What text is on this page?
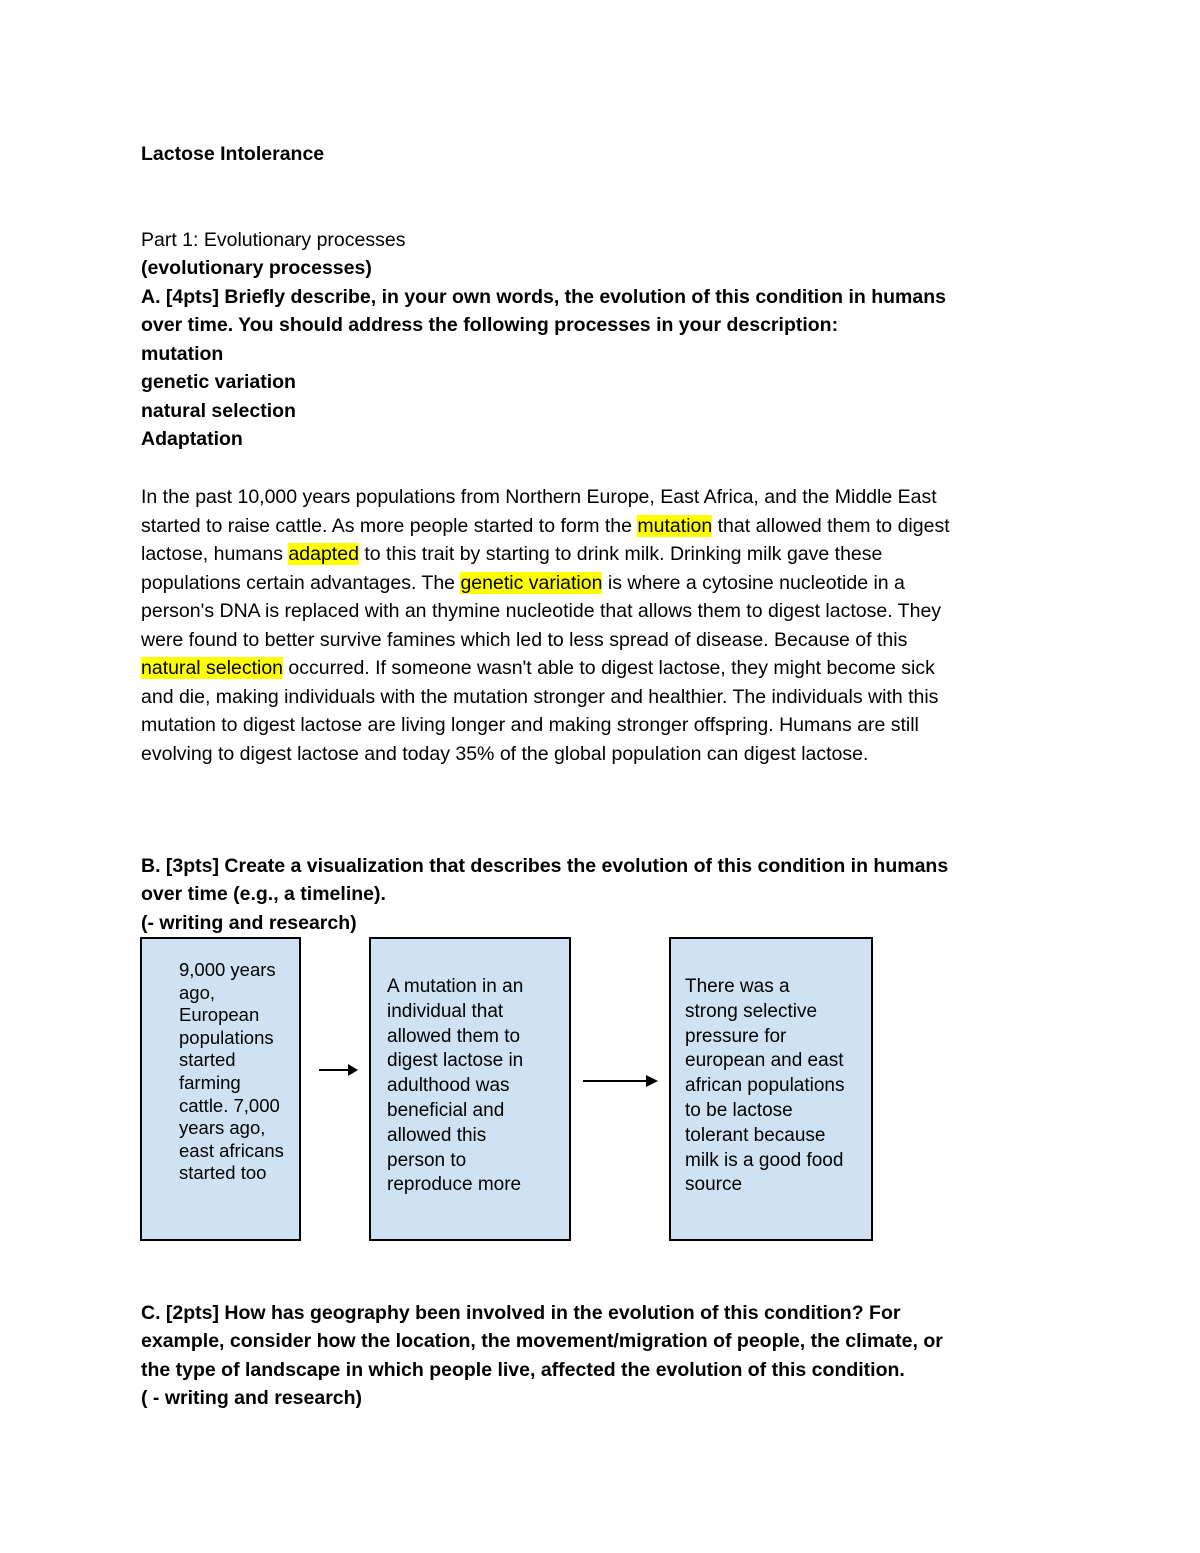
Lactose Intolerance
Part 1: Evolutionary processes
(evolutionary processes)
A. [4pts] Briefly describe, in your own words, the evolution of this condition in humans
over time. You should address the following processes in your description:
mutation
genetic variation
natural selection
Adaptation
In the past 10,000 years populations from Northern Europe, East Africa, and the Middle East
started to raise cattle. As more people started to form the mutation that allowed them to digest
lactose, humans adapted to this trait by starting to drink milk. Drinking milk gave these
populations certain advantages. The genetic variation is where a cytosine nucleotide in a
person's DNA is replaced with an thymine nucleotide that allows them to digest lactose. They
were found to better survive famines which led to less spread of disease. Because of this
natural selection occurred. If someone wasn't able to digest lactose, they might become sick
and die, making individuals with the mutation stronger and healthier. The individuals with this
mutation to digest lactose are living longer and making stronger offspring. Humans are still
evolving to digest lactose and today 35% of the global population can digest lactose.
B. [3pts] Create a visualization that describes the evolution of this condition in humans
over time (e.g., a timeline).
(- writing and research)
9,000 years
ago,
European
populations
started
farming
cattle. 7,000
years ago,
east africans
started too
A mutation in an
individual that
allowed them to
digest lactose in
adulthood was
beneficial and
allowed this
person to
reproduce more
There was a
strong selective
pressure for
european and east
african populations
to be lactose
tolerant because
milk is a good food
source
C. [2pts] How has geography been involved in the evolution of this condition? For
example, consider how the location, the movement/migration of people, the climate, or
the type of landscape in which people live, affected the evolution of this condition.
( - writing and research)
